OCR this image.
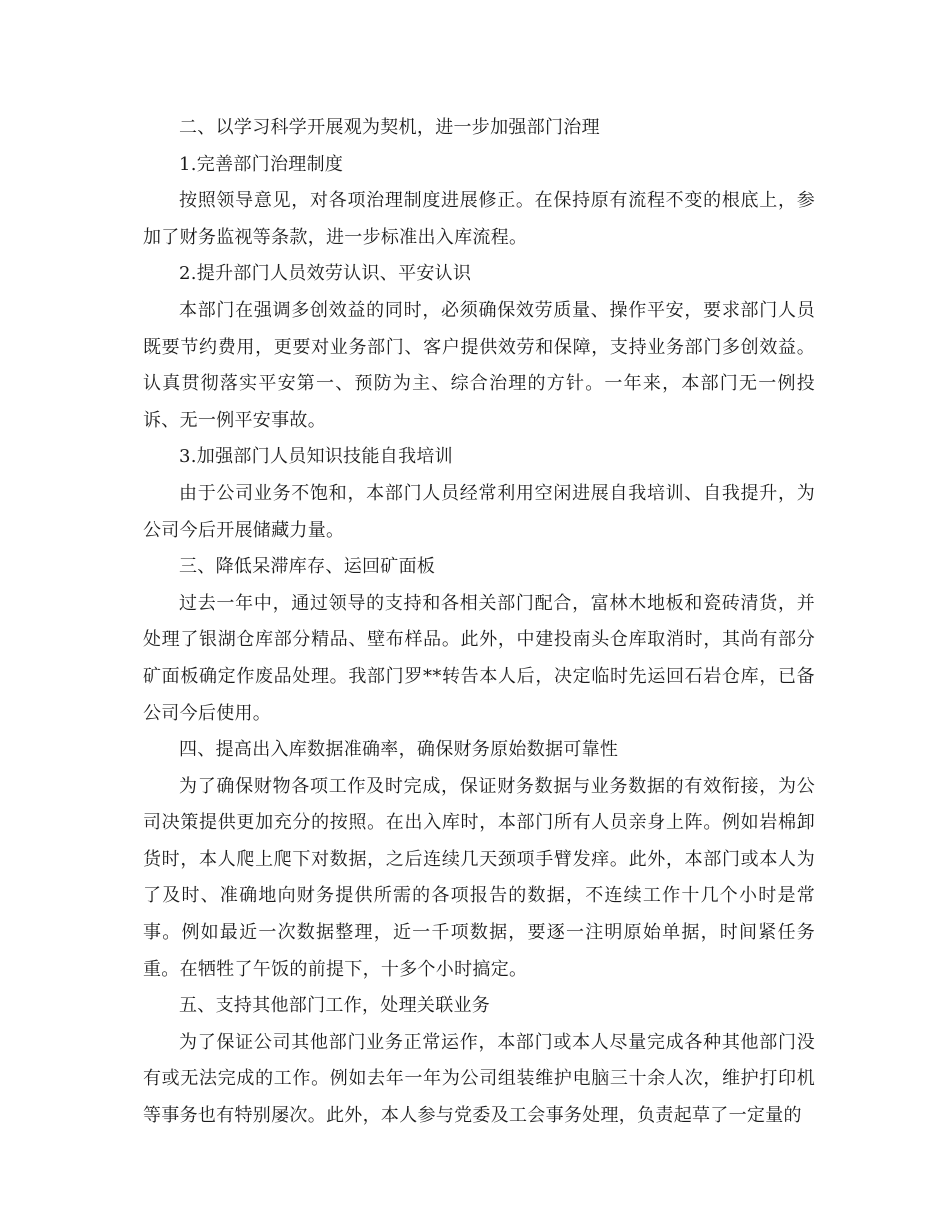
二、以学习科学开展观为契机，进一步加强部门治理

1.完善部门治理制度

按照领导意见，对各项治理制度进展修正。在保持原有流程不变的根底上，参加了财务监视等条款，进一步标准出入库流程。

2.提升部门人员效劳认识、平安认识

本部门在强调多创效益的同时，必须确保效劳质量、操作平安，要求部门人员既要节约费用，更要对业务部门、客户提供效劳和保障，支持业务部门多创效益。认真贯彻落实平安第一、预防为主、综合治理的方针。一年来，本部门无一例投诉、无一例平安事故。

3.加强部门人员知识技能自我培训

由于公司业务不饱和，本部门人员经常利用空闲进展自我培训、自我提升，为公司今后开展储藏力量。

三、降低呆滞库存、运回矿面板

过去一年中，通过领导的支持和各相关部门配合，富林木地板和瓷砖清货，并处理了银湖仓库部分精品、壁布样品。此外，中建投南头仓库取消时，其尚有部分矿面板确定作废品处理。我部门罗**转告本人后，决定临时先运回石岩仓库，已备公司今后使用。

四、提高出入库数据准确率，确保财务原始数据可靠性

为了确保财物各项工作及时完成，保证财务数据与业务数据的有效衔接，为公司决策提供更加充分的按照。在出入库时，本部门所有人员亲身上阵。例如岩棉卸货时，本人爬上爬下对数据，之后连续几天颈项手臂发痒。此外，本部门或本人为了及时、准确地向财务提供所需的各项报告的数据，不连续工作十几个小时是常事。例如最近一次数据整理，近一千项数据，要逐一注明原始单据，时间紧任务重。在牺牲了午饭的前提下，十多个小时搞定。

五、支持其他部门工作，处理关联业务

为了保证公司其他部门业务正常运作，本部门或本人尽量完成各种其他部门没有或无法完成的工作。例如去年一年为公司组装维护电脑三十余人次，维护打印机等事务也有特别屡次。此外，本人参与党委及工会事务处理，负责起草了一定量的
